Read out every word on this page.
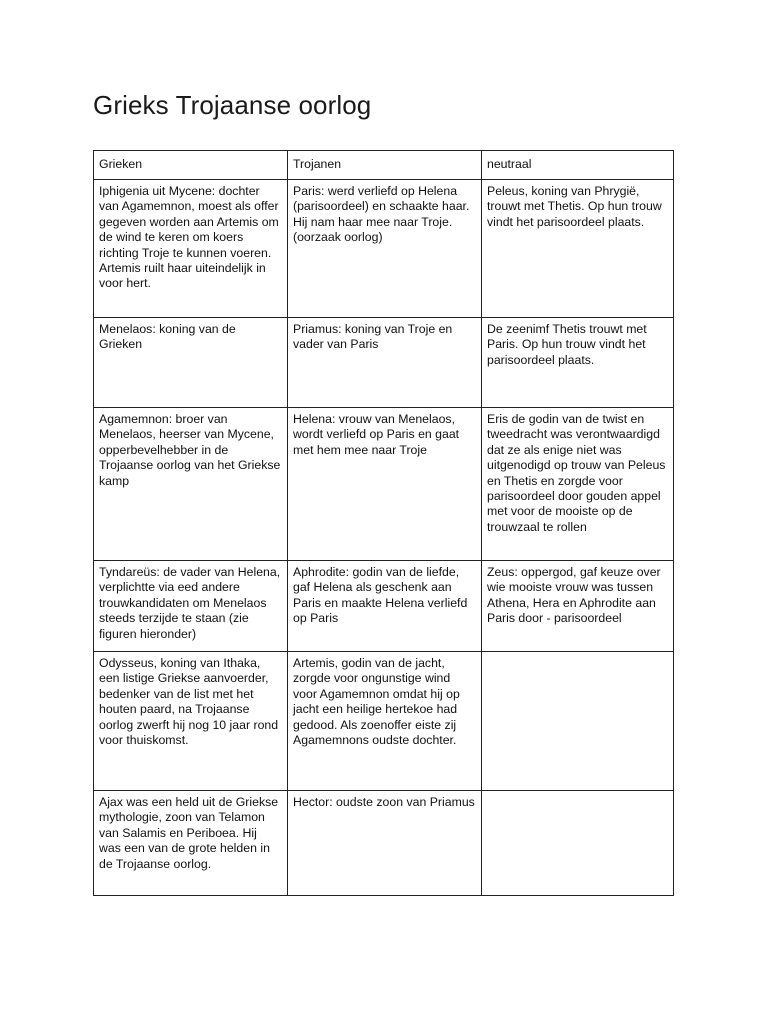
Grieks Trojaanse oorlog
Grieken	Trojanen	neutraal
Iphigenia uit Mycene: dochter van Agamemnon, moest als offer gegeven worden aan Artemis om de wind te keren om koers richting Troje te kunnen voeren. Artemis ruilt haar uiteindelijk in voor hert.	Paris: werd verliefd op Helena (parisoordeel) en schaakte haar. Hij nam haar mee naar Troje. (oorzaak oorlog)	Peleus, koning van Phrygië, trouwt met Thetis. Op hun trouw vindt het parisoordeel plaats.
Menelaos: koning van de Grieken	Priamus: koning van Troje en vader van Paris	De zeenimf Thetis trouwt met Paris. Op hun trouw vindt het parisoordeel plaats.
Agamemnon: broer van Menelaos, heerser van Mycene, opperbevelhebber in de Trojaanse oorlog van het Griekse kamp	Helena: vrouw van Menelaos, wordt verliefd op Paris en gaat met hem mee naar Troje	Eris de godin van de twist en tweedracht was verontwaardigd dat ze als enige niet was uitgenodigd op trouw van Peleus en Thetis en zorgde voor parisoordeel door gouden appel met voor de mooiste op de trouwzaal te rollen
Tyndareüs: de vader van Helena, verplichtte via eed andere trouwkandidaten om Menelaos steeds terzijde te staan (zie figuren hieronder)	Aphrodite: godin van de liefde, gaf Helena als geschenk aan Paris en maakte Helena verliefd op Paris	Zeus: oppergod, gaf keuze over wie mooiste vrouw was tussen Athena, Hera en Aphrodite aan Paris door - parisoordeel
Odysseus, koning van Ithaka, een listige Griekse aanvoerder, bedenker van de list met het houten paard, na Trojaanse oorlog zwerft hij nog 10 jaar rond voor thuiskomst.	Artemis, godin van de jacht, zorgde voor ongunstige wind voor Agamemnon omdat hij op jacht een heilige hertekoe had gedood. Als zoenoffer eiste zij Agamemnons oudste dochter.	
Ajax was een held uit de Griekse mythologie, zoon van Telamon van Salamis en Periboea. Hij was een van de grote helden in de Trojaanse oorlog.	Hector: oudste zoon van Priamus	
